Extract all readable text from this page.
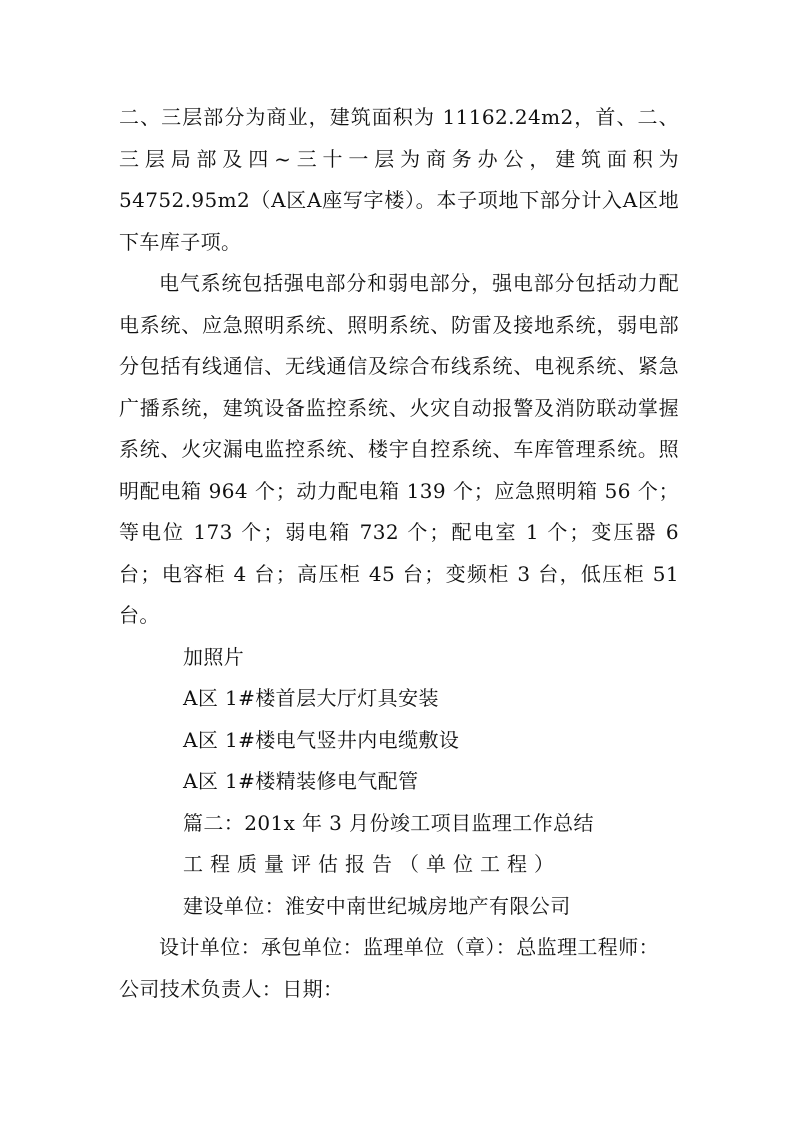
二、三层部分为商业，建筑面积为 11162.24m2，首、二、三层局部及四~三十一层为商务办公，建筑面积为54752.95m2（A区A座写字楼）。本子项地下部分计入A区地下车库子项。

电气系统包括强电部分和弱电部分，强电部分包括动力配电系统、应急照明系统、照明系统、防雷及接地系统，弱电部分包括有线通信、无线通信及综合布线系统、电视系统、紧急广播系统，建筑设备监控系统、火灾自动报警及消防联动掌握系统、火灾漏电监控系统、楼宇自控系统、车库管理系统。照明配电箱 964 个；动力配电箱 139 个；应急照明箱 56 个；等电位 173 个；弱电箱 732 个；配电室 1 个；变压器 6 台；电容柜 4 台；高压柜 45 台；变频柜 3 台，低压柜 51 台。

加照片

A区 1#楼首层大厅灯具安装

A区 1#楼电气竖井内电缆敷设

A区 1#楼精装修电气配管

篇二：201x 年 3 月份竣工项目监理工作总结

工程质量评估报告（单位工程）

建设单位：淮安中南世纪城房地产有限公司

设计单位：承包单位：监理单位（章）：总监理工程师：公司技术负责人：日期：
